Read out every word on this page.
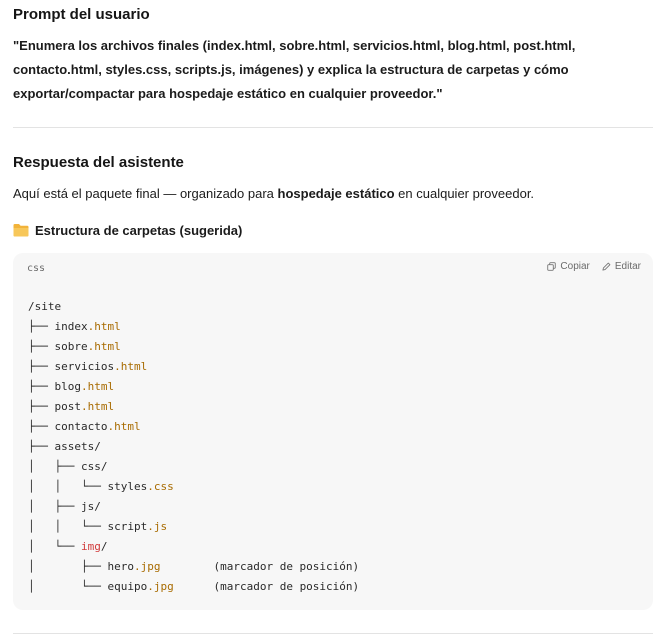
Prompt del usuario
"Enumera los archivos finales (index.html, sobre.html, servicios.html, blog.html, post.html, contacto.html, styles.css, scripts.js, imágenes) y explica la estructura de carpetas y cómo exportar/compactar para hospedaje estático en cualquier proveedor."
Respuesta del asistente
Aquí está el paquete final — organizado para hospedaje estático en cualquier proveedor.
Estructura de carpetas (sugerida)
css	Copiar	Editar
/site
├── index.html
├── sobre.html
├── servicios.html
├── blog.html
├── post.html
├── contacto.html
├── assets/
│   ├── css/
│   │   └── styles.css
│   ├── js/
│   │   └── script.js
│   └── img/
│       ├── hero.jpg        (marcador de posición)
│       └── equipo.jpg      (marcador de posición)
